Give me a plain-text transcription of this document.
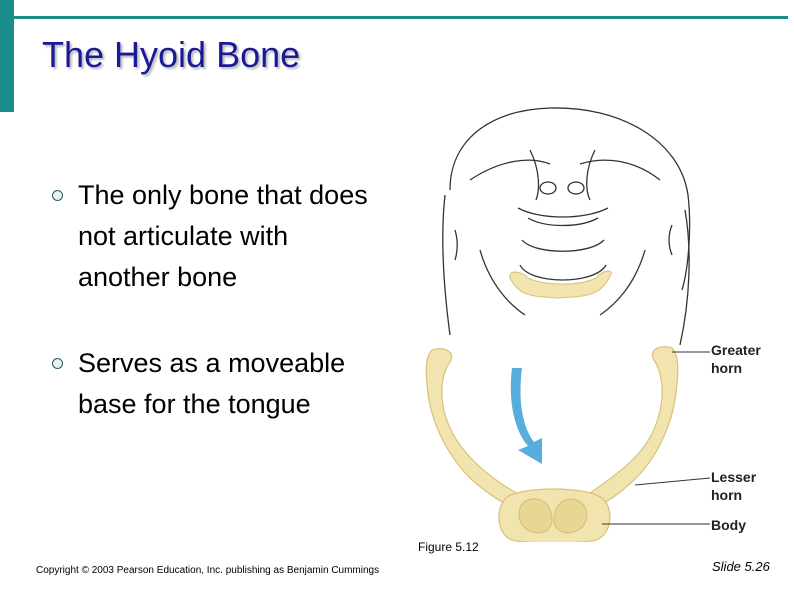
The Hyoid Bone
The only bone that does not articulate with another bone
Serves as a moveable base for the tongue
Greater
horn
Lesser
horn
Body
Figure 5.12
Copyright © 2003 Pearson Education, Inc. publishing as Benjamin Cummings	Slide 5.26
